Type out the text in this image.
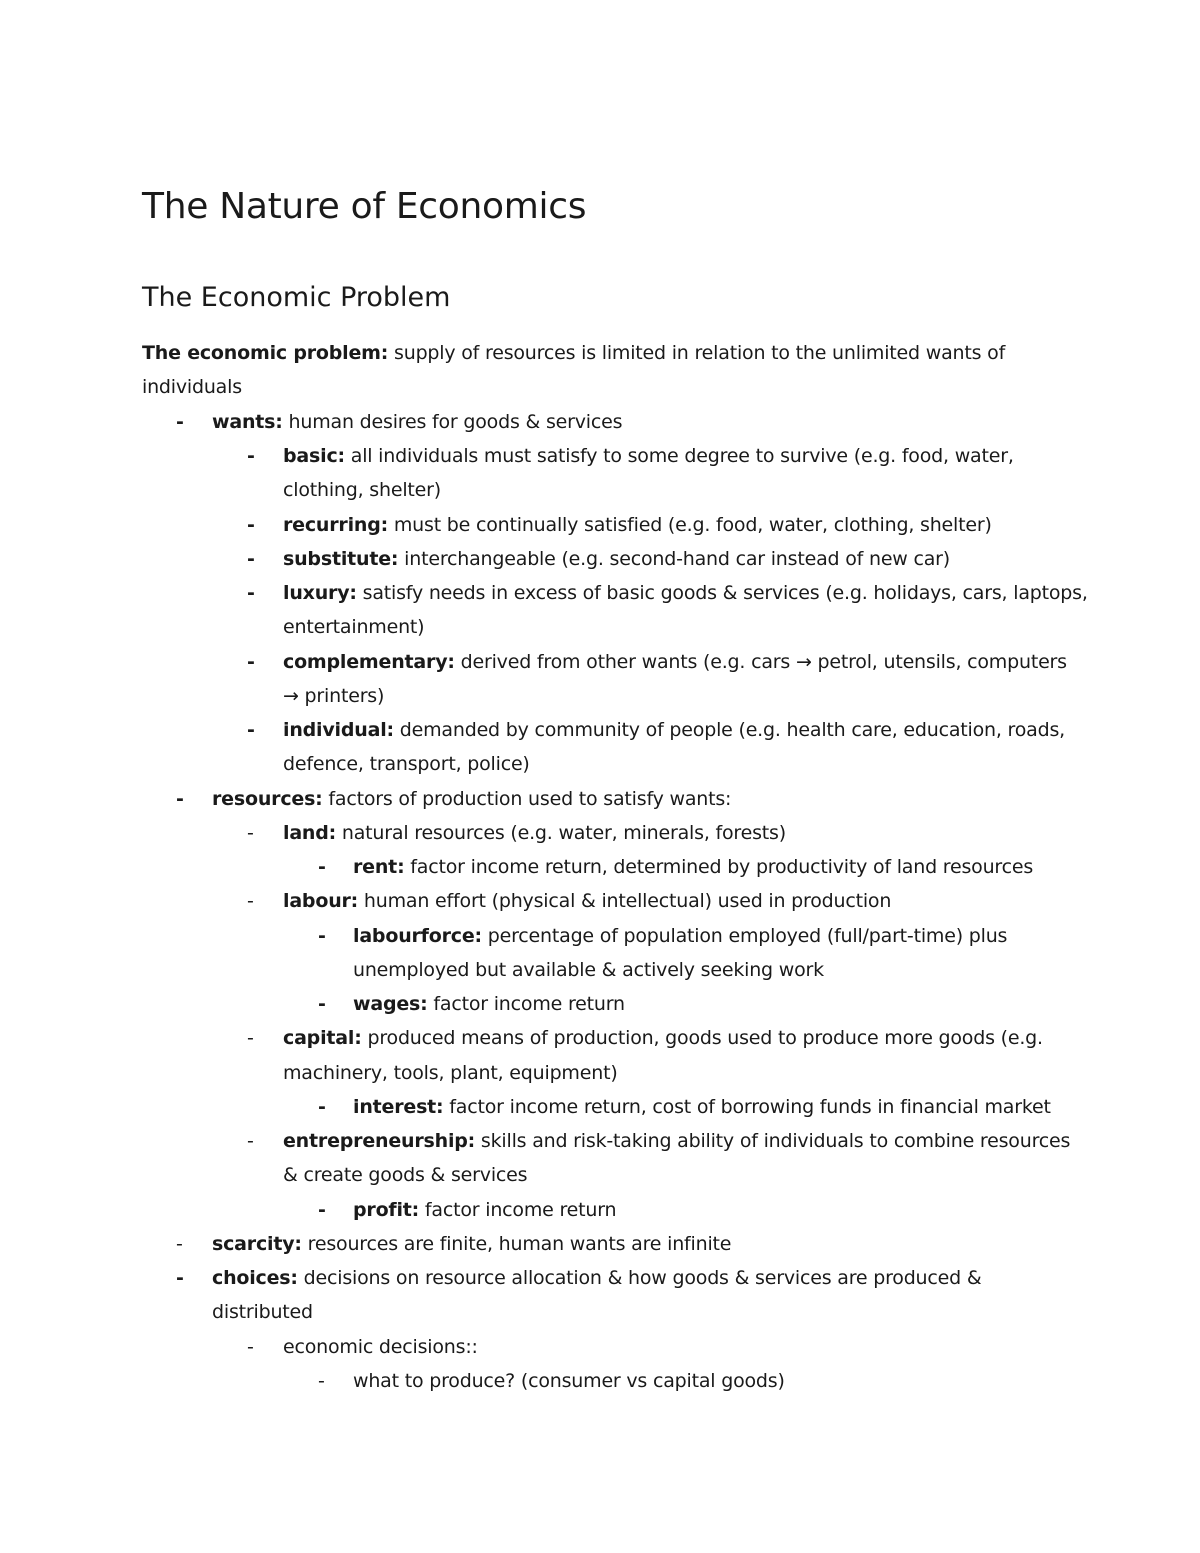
The Nature of Economics
The Economic Problem
The economic problem: supply of resources is limited in relation to the unlimited wants of
individuals
- wants: human desires for goods & services
- basic: all individuals must satisfy to some degree to survive (e.g. food, water,
clothing, shelter)
- recurring: must be continually satisfied (e.g. food, water, clothing, shelter)
- substitute: interchangeable (e.g. second-hand car instead of new car)
- luxury: satisfy needs in excess of basic goods & services (e.g. holidays, cars, laptops,
entertainment)
- complementary: derived from other wants (e.g. cars → petrol, utensils, computers
→ printers)
- individual: demanded by community of people (e.g. health care, education, roads,
defence, transport, police)
- resources: factors of production used to satisfy wants:
- land: natural resources (e.g. water, minerals, forests)
- rent: factor income return, determined by productivity of land resources
- labour: human effort (physical & intellectual) used in production
- labourforce: percentage of population employed (full/part-time) plus
unemployed but available & actively seeking work
- wages: factor income return
- capital: produced means of production, goods used to produce more goods (e.g.
machinery, tools, plant, equipment)
- interest: factor income return, cost of borrowing funds in financial market
- entrepreneurship: skills and risk-taking ability of individuals to combine resources
& create goods & services
- profit: factor income return
- scarcity: resources are finite, human wants are infinite
- choices: decisions on resource allocation & how goods & services are produced &
distributed
- economic decisions::
- what to produce? (consumer vs capital goods)
